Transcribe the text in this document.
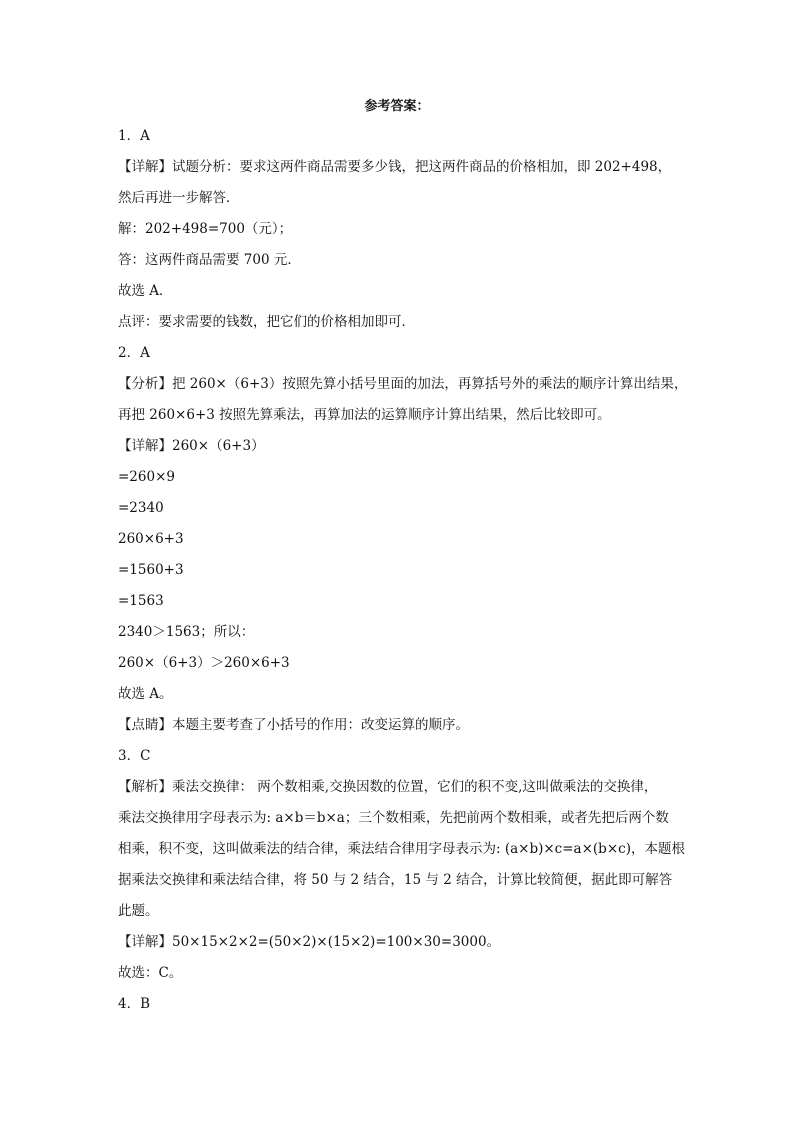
参考答案：
1．A
【详解】试题分析：要求这两件商品需要多少钱，把这两件商品的价格相加，即 202+498，
然后再进一步解答．
解：202+498=700（元）；
答：这两件商品需要 700 元．
故选 A．
点评：要求需要的钱数，把它们的价格相加即可．
2．A
【分析】把 260×（6+3）按照先算小括号里面的加法，再算括号外的乘法的顺序计算出结果，
再把 260×6+3 按照先算乘法，再算加法的运算顺序计算出结果，然后比较即可。
【详解】260×（6+3）
=260×9
=2340
260×6+3
=1560+3
=1563
2340＞1563；所以：
260×（6+3）＞260×6+3
故选 A。
【点睛】本题主要考查了小括号的作用：改变运算的顺序。
3．C
【解析】乘法交换律： 两个数相乘,交换因数的位置，它们的积不变,这叫做乘法的交换律，
乘法交换律用字母表示为: a×b＝b×a；三个数相乘，先把前两个数相乘，或者先把后两个数
相乘，积不变，这叫做乘法的结合律，乘法结合律用字母表示为: (a×b)×c=a×(b×c)，本题根
据乘法交换律和乘法结合律，将 50 与 2 结合，15 与 2 结合，计算比较简便，据此即可解答
此题。
【详解】50×15×2×2=(50×2)×(15×2)=100×30=3000。
故选：C。
4．B
